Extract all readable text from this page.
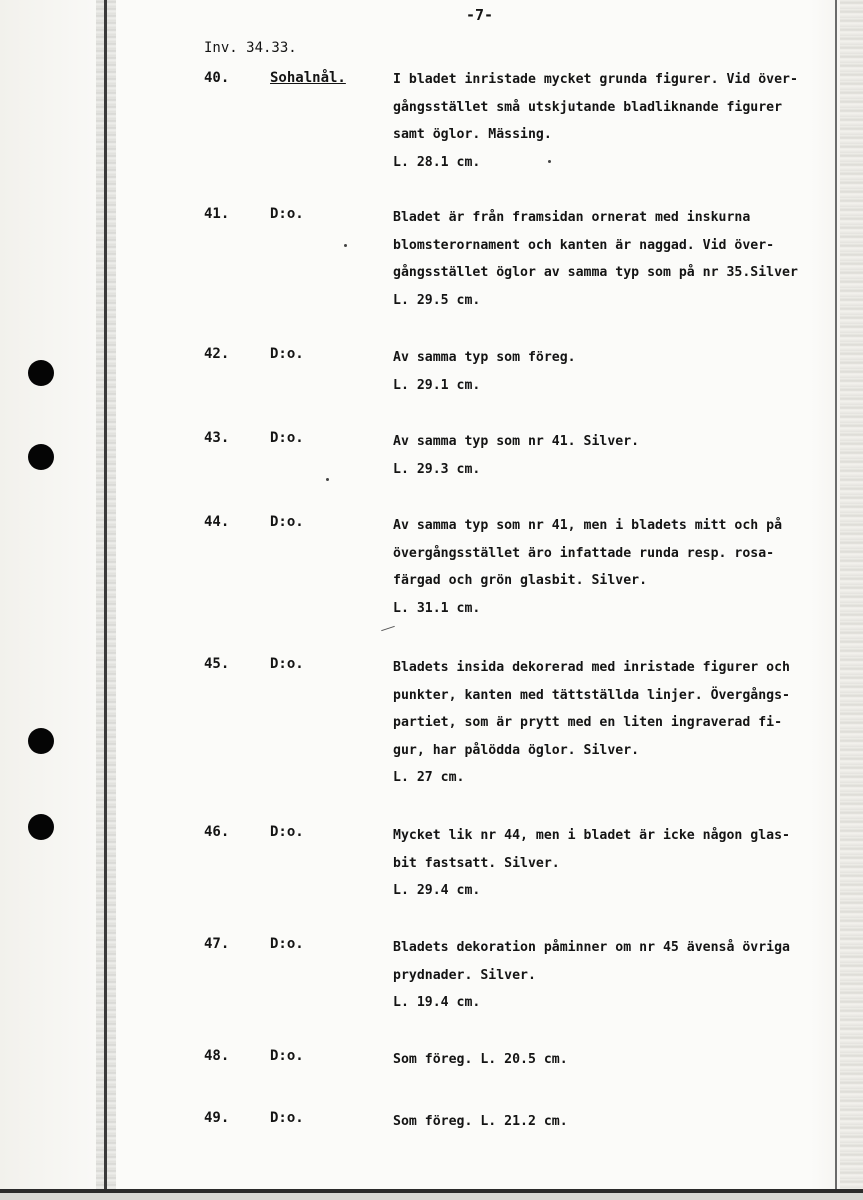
-7-
Inv. 34.33.
40.	Sohalnål.	I bladet inristade mycket grunda figurer. Vid över-
gångsstället små utskjutande bladliknande figurer
samt öglor. Mässing.
L. 28.1 cm.
41.	D:o.	Bladet är från framsidan ornerat med inskurna
blomsterornament och kanten är naggad. Vid över-
gångsstället öglor av samma typ som på nr 35.Silver
L. 29.5 cm.
42.	D:o.	Av samma typ som föreg.
L. 29.1 cm.
43.	D:o.	Av samma typ som nr 41. Silver.
L. 29.3 cm.
44.	D:o.	Av samma typ som nr 41, men i bladets mitt och på
övergångsstället äro infattade runda resp. rosa-
färgad och grön glasbit. Silver.
L. 31.1 cm.
45.	D:o.	Bladets insida dekorerad med inristade figurer och
punkter, kanten med tättställda linjer. Övergångs-
partiet, som är prytt med en liten ingraverad fi-
gur, har pålödda öglor. Silver.
L. 27 cm.
46.	D:o.	Mycket lik nr 44, men i bladet är icke någon glas-
bit fastsatt. Silver.
L. 29.4 cm.
47.	D:o.	Bladets dekoration påminner om nr 45 ävenså övriga
prydnader. Silver.
L. 19.4 cm.
48.	D:o.	Som föreg. L. 20.5 cm.
49.	D:o.	Som föreg. L. 21.2 cm.
